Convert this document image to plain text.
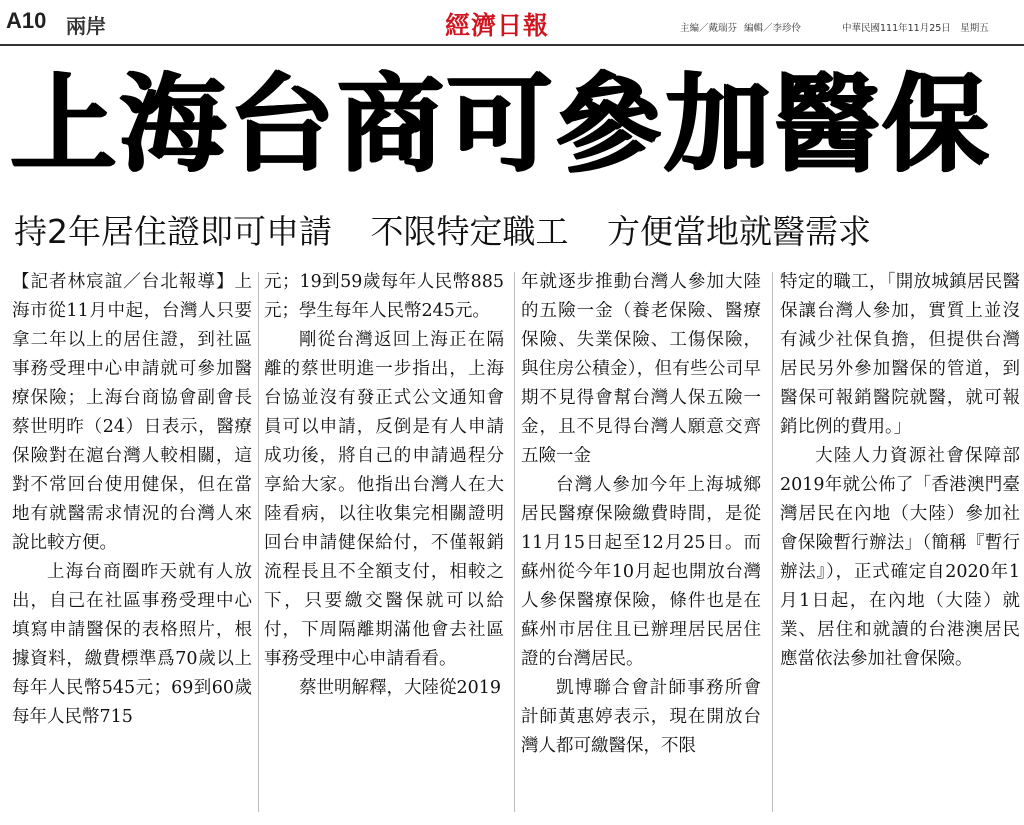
A10 兩岸	經濟日報	主編／戴瑞芬 編輯／李珍伶	中華民國111年11月25日　星期五
上海台商可參加醫保
持2年居住證即可申請 不限特定職工 方便當地就醫需求

【記者林宸誼／台北報導】上海市從11月中起，台灣人只要拿二年以上的居住證，到社區事務受理中心申請就可參加醫療保險；上海台商協會副會長蔡世明昨（24）日表示，醫療保險對在滬台灣人較相關，這對不常回台使用健保，但在當地有就醫需求情況的台灣人來說比較方便。

上海台商圈昨天就有人放出，自己在社區事務受理中心填寫申請醫保的表格照片，根據資料，繳費標準爲70歲以上每年人民幣545元；69到60歲每年人民幣715

元；19到59歲每年人民幣885元；學生每年人民幣245元。

剛從台灣返回上海正在隔離的蔡世明進一步指出，上海台協並沒有發正式公文通知會員可以申請，反倒是有人申請成功後，將自己的申請過程分享給大家。他指出台灣人在大陸看病，以往收集完相關證明回台申請健保給付，不僅報銷流程長且不全額支付，相較之下，只要繳交醫保就可以給付，下周隔離期滿他會去社區事務受理中心申請看看。

蔡世明解釋，大陸從2019

年就逐步推動台灣人參加大陸的五險一金（養老保險、醫療保險、失業保險、工傷保險，與住房公積金），但有些公司早期不見得會幫台灣人保五險一金，且不見得台灣人願意交齊五險一金

台灣人參加今年上海城鄉居民醫療保險繳費時間，是從11月15日起至12月25日。而蘇州從今年10月起也開放台灣人參保醫療保險，條件也是在蘇州市居住且已辦理居民居住證的台灣居民。

凱博聯合會計師事務所會計師黃惠婷表示，現在開放台灣人都可繳醫保，不限

特定的職工，「開放城鎮居民醫保讓台灣人參加，實質上並沒有減少社保負擔，但提供台灣居民另外參加醫保的管道，到醫保可報銷醫院就醫，就可報銷比例的費用。」

大陸人力資源社會保障部2019年就公佈了「香港澳門臺灣居民在內地（大陸）參加社會保險暫行辦法」（簡稱『暫行辦法』），正式確定自2020年1月1日起，在內地（大陸）就業、居住和就讀的台港澳居民應當依法參加社會保險。
